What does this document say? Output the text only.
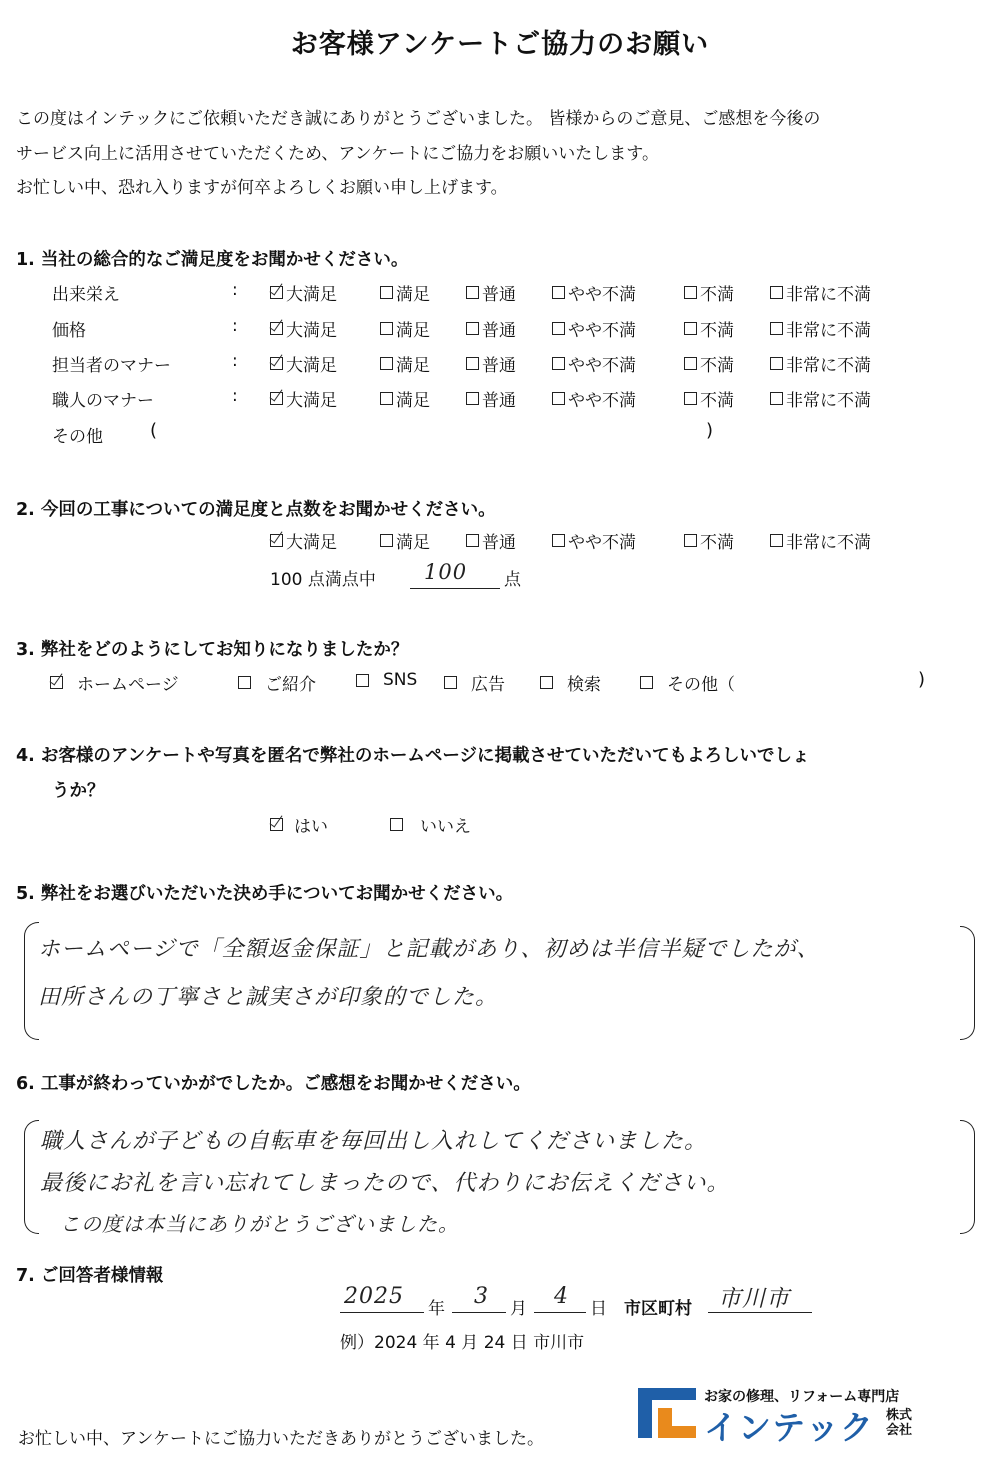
お客様アンケートご協力のお願い
この度はインテックにご依頼いただき誠にありがとうございました。 皆様からのご意見、ご感想を今後の
サービス向上に活用させていただくため、アンケートにご協力をお願いいたします。
お忙しい中、恐れ入りますが何卒よろしくお願い申し上げます。
1. 当社の総合的なご満足度をお聞かせください。
出来栄え	:	大満足	満足	普通	やや不満	不満	非常に不満
価格	:	大満足	満足	普通	やや不満	不満	非常に不満
担当者のマナー	:	大満足	満足	普通	やや不満	不満	非常に不満
職人のマナー	:	大満足	満足	普通	やや不満	不満	非常に不満
その他	(	)
2. 今回の工事についての満足度と点数をお聞かせください。
大満足	満足	普通	やや不満	不満	非常に不満
100 点満点中 100 点
3. 弊社をどのようにしてお知りになりましたか？
ホームページ	ご紹介	SNS	広告	検索	その他（	)
4. お客様のアンケートや写真を匿名で弊社のホームページに掲載させていただいてもよろしいでしょ
うか？
はい	いいえ
5. 弊社をお選びいただいた決め手についてお聞かせください。
ホームページで「全額返金保証」と記載があり、初めは半信半疑でしたが、
田所さんの丁寧さと誠実さが印象的でした。
6. 工事が終わっていかがでしたか。ご感想をお聞かせください。
職人さんが子どもの自転車を毎回出し入れしてくださいました。
最後にお礼を言い忘れてしまったので、代わりにお伝えください。
この度は本当にありがとうございました。
7. ご回答者様情報
2025 年 3 月 4 日 市区町村 市川市
例）2024 年 4 月 24 日 市川市
お忙しい中、アンケートにご協力いただきありがとうございました。
お家の修理、リフォーム専門店
インテック 株式
会社
